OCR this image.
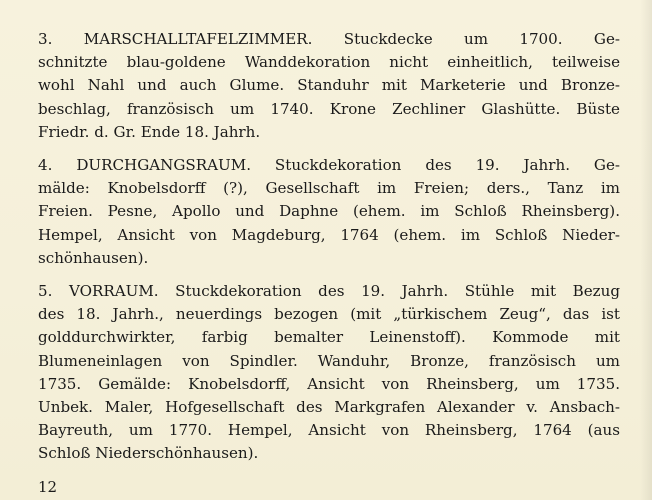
3. MARSCHALLTAFELZIMMER. Stuckdecke um 1700. Ge-
schnitzte blau-goldene Wanddekoration nicht einheitlich, teilweise
wohl Nahl und auch Glume. Standuhr mit Marketerie und Bronze-
beschlag, französisch um 1740. Krone Zechliner Glashütte. Büste
Friedr. d. Gr. Ende 18. Jahrh.
4. DURCHGANGSRAUM. Stuckdekoration des 19. Jahrh. Ge-
mälde: Knobelsdorff (?), Gesellschaft im Freien; ders., Tanz im
Freien. Pesne, Apollo und Daphne (ehem. im Schloß Rheinsberg).
Hempel, Ansicht von Magdeburg, 1764 (ehem. im Schloß Nieder-
schönhausen).
5. VORRAUM. Stuckdekoration des 19. Jahrh. Stühle mit Bezug
des 18. Jahrh., neuerdings bezogen (mit „türkischem Zeug“, das ist
golddurchwirkter, farbig bemalter Leinenstoff). Kommode mit
Blumeneinlagen von Spindler. Wanduhr, Bronze, französisch um
1735. Gemälde: Knobelsdorff, Ansicht von Rheinsberg, um 1735.
Unbek. Maler, Hofgesellschaft des Markgrafen Alexander v. Ansbach-
Bayreuth, um 1770. Hempel, Ansicht von Rheinsberg, 1764 (aus
Schloß Niederschönhausen).
12
